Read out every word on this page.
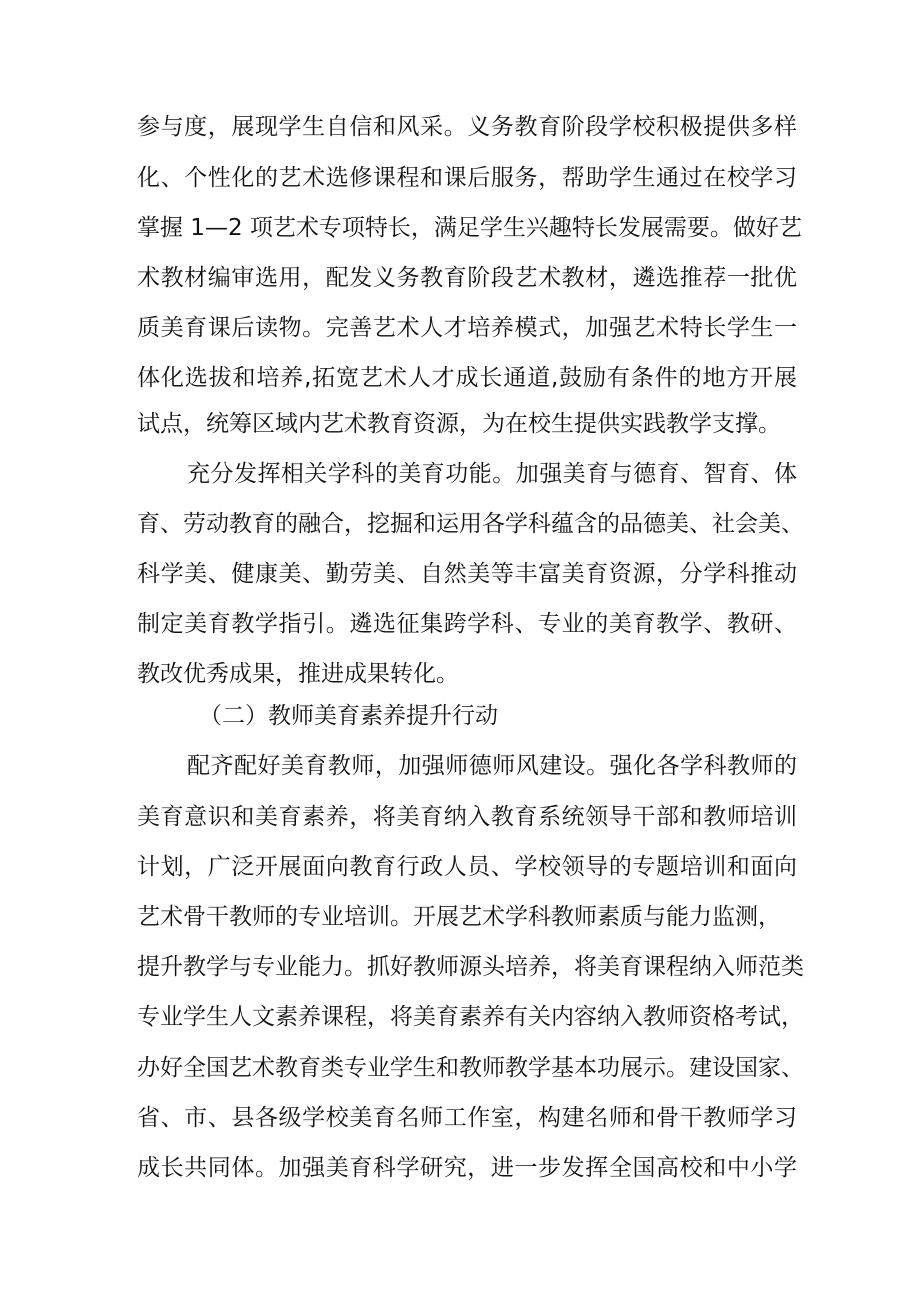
参与度，展现学生自信和风采。义务教育阶段学校积极提供多样
化、个性化的艺术选修课程和课后服务，帮助学生通过在校学习
掌握 1—2 项艺术专项特长，满足学生兴趣特长发展需要。做好艺
术教材编审选用，配发义务教育阶段艺术教材，遴选推荐一批优
质美育课后读物。完善艺术人才培养模式，加强艺术特长学生一
体化选拔和培养,拓宽艺术人才成长通道,鼓励有条件的地方开展
试点，统筹区域内艺术教育资源，为在校生提供实践教学支撑。
充分发挥相关学科的美育功能。加强美育与德育、智育、体
育、劳动教育的融合，挖掘和运用各学科蕴含的品德美、社会美、
科学美、健康美、勤劳美、自然美等丰富美育资源，分学科推动
制定美育教学指引。遴选征集跨学科、专业的美育教学、教研、
教改优秀成果，推进成果转化。
（二）教师美育素养提升行动
配齐配好美育教师，加强师德师风建设。强化各学科教师的
美育意识和美育素养，将美育纳入教育系统领导干部和教师培训
计划，广泛开展面向教育行政人员、学校领导的专题培训和面向
艺术骨干教师的专业培训。开展艺术学科教师素质与能力监测，
提升教学与专业能力。抓好教师源头培养，将美育课程纳入师范类
专业学生人文素养课程，将美育素养有关内容纳入教师资格考试，
办好全国艺术教育类专业学生和教师教学基本功展示。建设国家、
省、市、县各级学校美育名师工作室，构建名师和骨干教师学习
成长共同体。加强美育科学研究，进一步发挥全国高校和中小学
